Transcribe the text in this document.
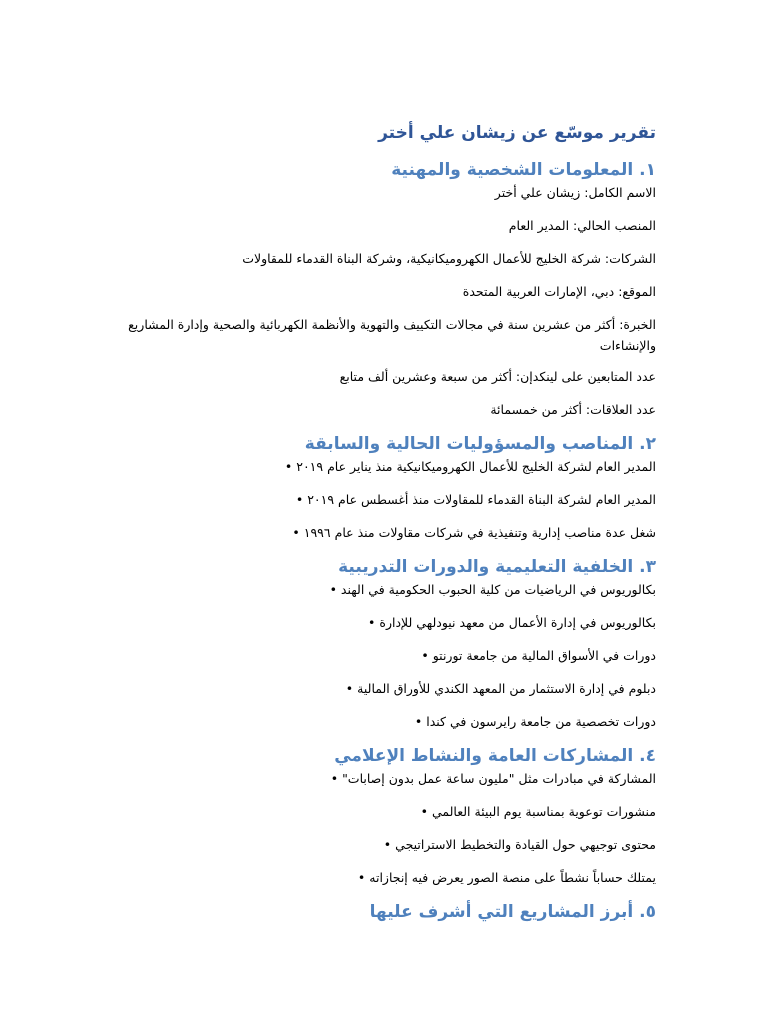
تقرير موسّع عن زيشان علي أختر
١. المعلومات الشخصية والمهنية

الاسم الكامل: زيشان علي أختر

المنصب الحالي: المدير العام

الشركات: شركة الخليج للأعمال الكهروميكانيكية، وشركة البناة القدماء للمقاولات

الموقع: دبي، الإمارات العربية المتحدة

الخبرة: أكثر من عشرين سنة في مجالات التكييف والتهوية والأنظمة الكهربائية والصحية وإدارة المشاريع والإنشاءات

عدد المتابعين على لينكدإن: أكثر من سبعة وعشرين ألف متابع

عدد العلاقات: أكثر من خمسمائة

٢. المناصب والمسؤوليات الحالية والسابقة

المدير العام لشركة الخليج للأعمال الكهروميكانيكية منذ يناير عام ٢٠١٩ •

المدير العام لشركة البناة القدماء للمقاولات منذ أغسطس عام ٢٠١٩ •

شغل عدة مناصب إدارية وتنفيذية في شركات مقاولات منذ عام ١٩٩٦ •

٣. الخلفية التعليمية والدورات التدريبية

بكالوريوس في الرياضيات من كلية الحبوب الحكومية في الهند •

بكالوريوس في إدارة الأعمال من معهد نيودلهي للإدارة •

دورات في الأسواق المالية من جامعة تورنتو •

دبلوم في إدارة الاستثمار من المعهد الكندي للأوراق المالية •

دورات تخصصية من جامعة رايرسون في كندا •

٤. المشاركات العامة والنشاط الإعلامي

المشاركة في مبادرات مثل "مليون ساعة عمل بدون إصابات" •

منشورات توعوية بمناسبة يوم البيئة العالمي •

محتوى توجيهي حول القيادة والتخطيط الاستراتيجي •

يمتلك حساباً نشطاً على منصة الصور يعرض فيه إنجازاته •

٥. أبرز المشاريع التي أشرف عليها
